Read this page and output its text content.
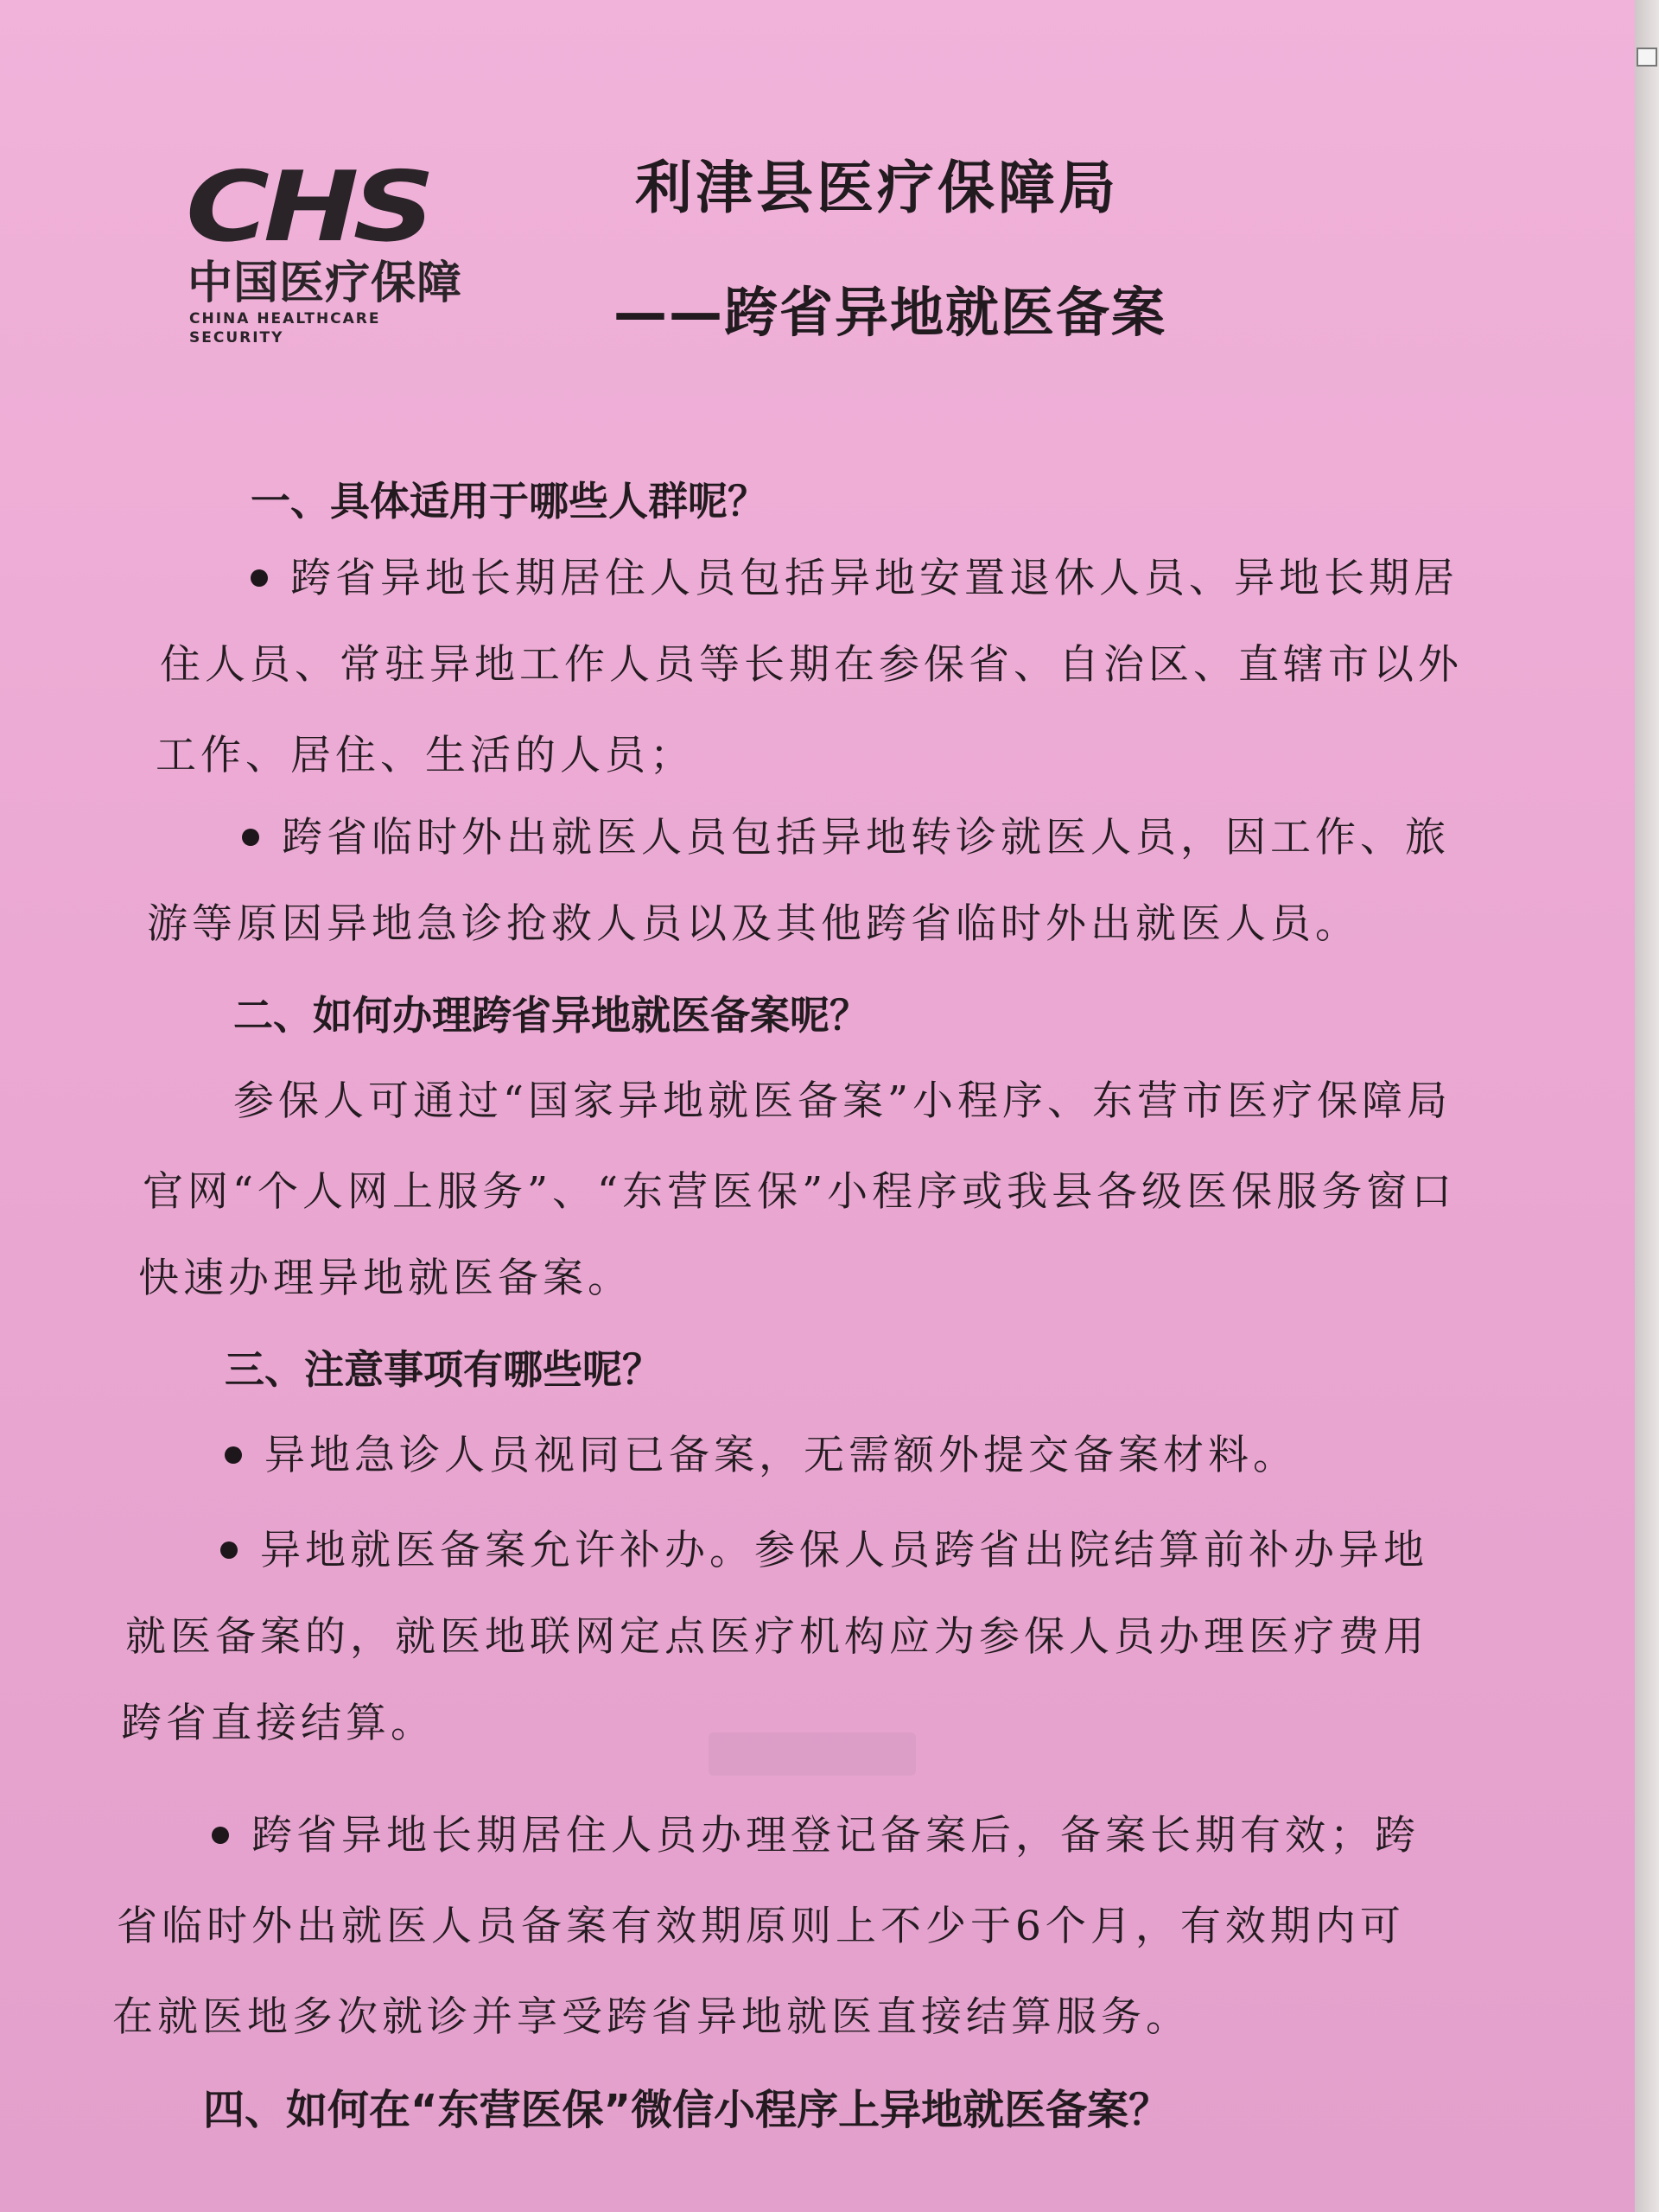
CHS
中国医疗保障
CHINA HEALTHCARE SECURITY
利津县医疗保障局
——跨省异地就医备案
一、具体适用于哪些人群呢？
跨省异地长期居住人员包括异地安置退休人员、异地长期居
住人员、常驻异地工作人员等长期在参保省、自治区、直辖市以外
工作、居住、生活的人员；
跨省临时外出就医人员包括异地转诊就医人员，因工作、旅
游等原因异地急诊抢救人员以及其他跨省临时外出就医人员。
二、如何办理跨省异地就医备案呢？
参保人可通过“国家异地就医备案”小程序、东营市医疗保障局
官网“个人网上服务”、“东营医保”小程序或我县各级医保服务窗口
快速办理异地就医备案。
三、注意事项有哪些呢？
异地急诊人员视同已备案，无需额外提交备案材料。
异地就医备案允许补办。参保人员跨省出院结算前补办异地
就医备案的，就医地联网定点医疗机构应为参保人员办理医疗费用
跨省直接结算。
跨省异地长期居住人员办理登记备案后，备案长期有效；跨
省临时外出就医人员备案有效期原则上不少于6个月，有效期内可
在就医地多次就诊并享受跨省异地就医直接结算服务。
四、如何在“东营医保”微信小程序上异地就医备案？
